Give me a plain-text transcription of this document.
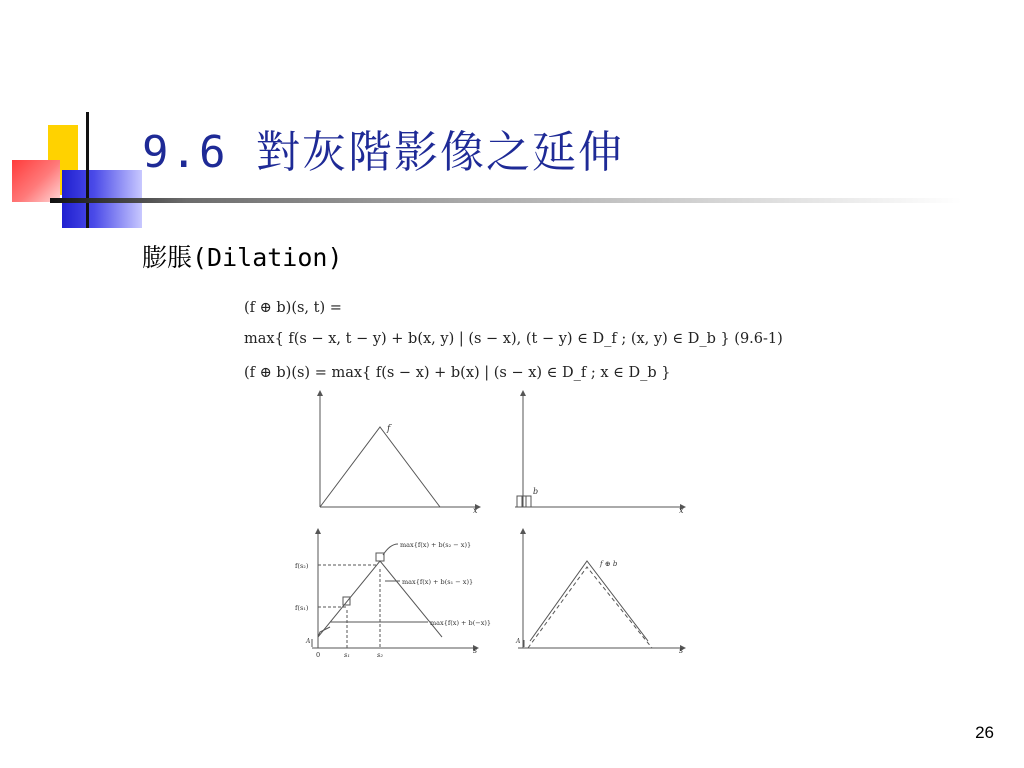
9.6 對灰階影像之延伸
膨脹(Dilation)
(f ⊕ b)(s, t) =
max{ f(s − x, t − y) + b(x, y) | (s − x), (t − y) ∈ D_f ; (x, y) ∈ D_b } (9.6-1)
(f ⊕ b)(s) = max{ f(s − x) + b(x) | (s − x) ∈ D_f ; x ∈ D_b }
f
x
b
x
max{f(x) + b(s₂ − x)}
max{f(x) + b(s₁ − x)}
max{f(x) + b(−x)}
f(s₂)
f(s₁)
A
0	s₁	s₂	s
f ⊕ b
A
s
26
